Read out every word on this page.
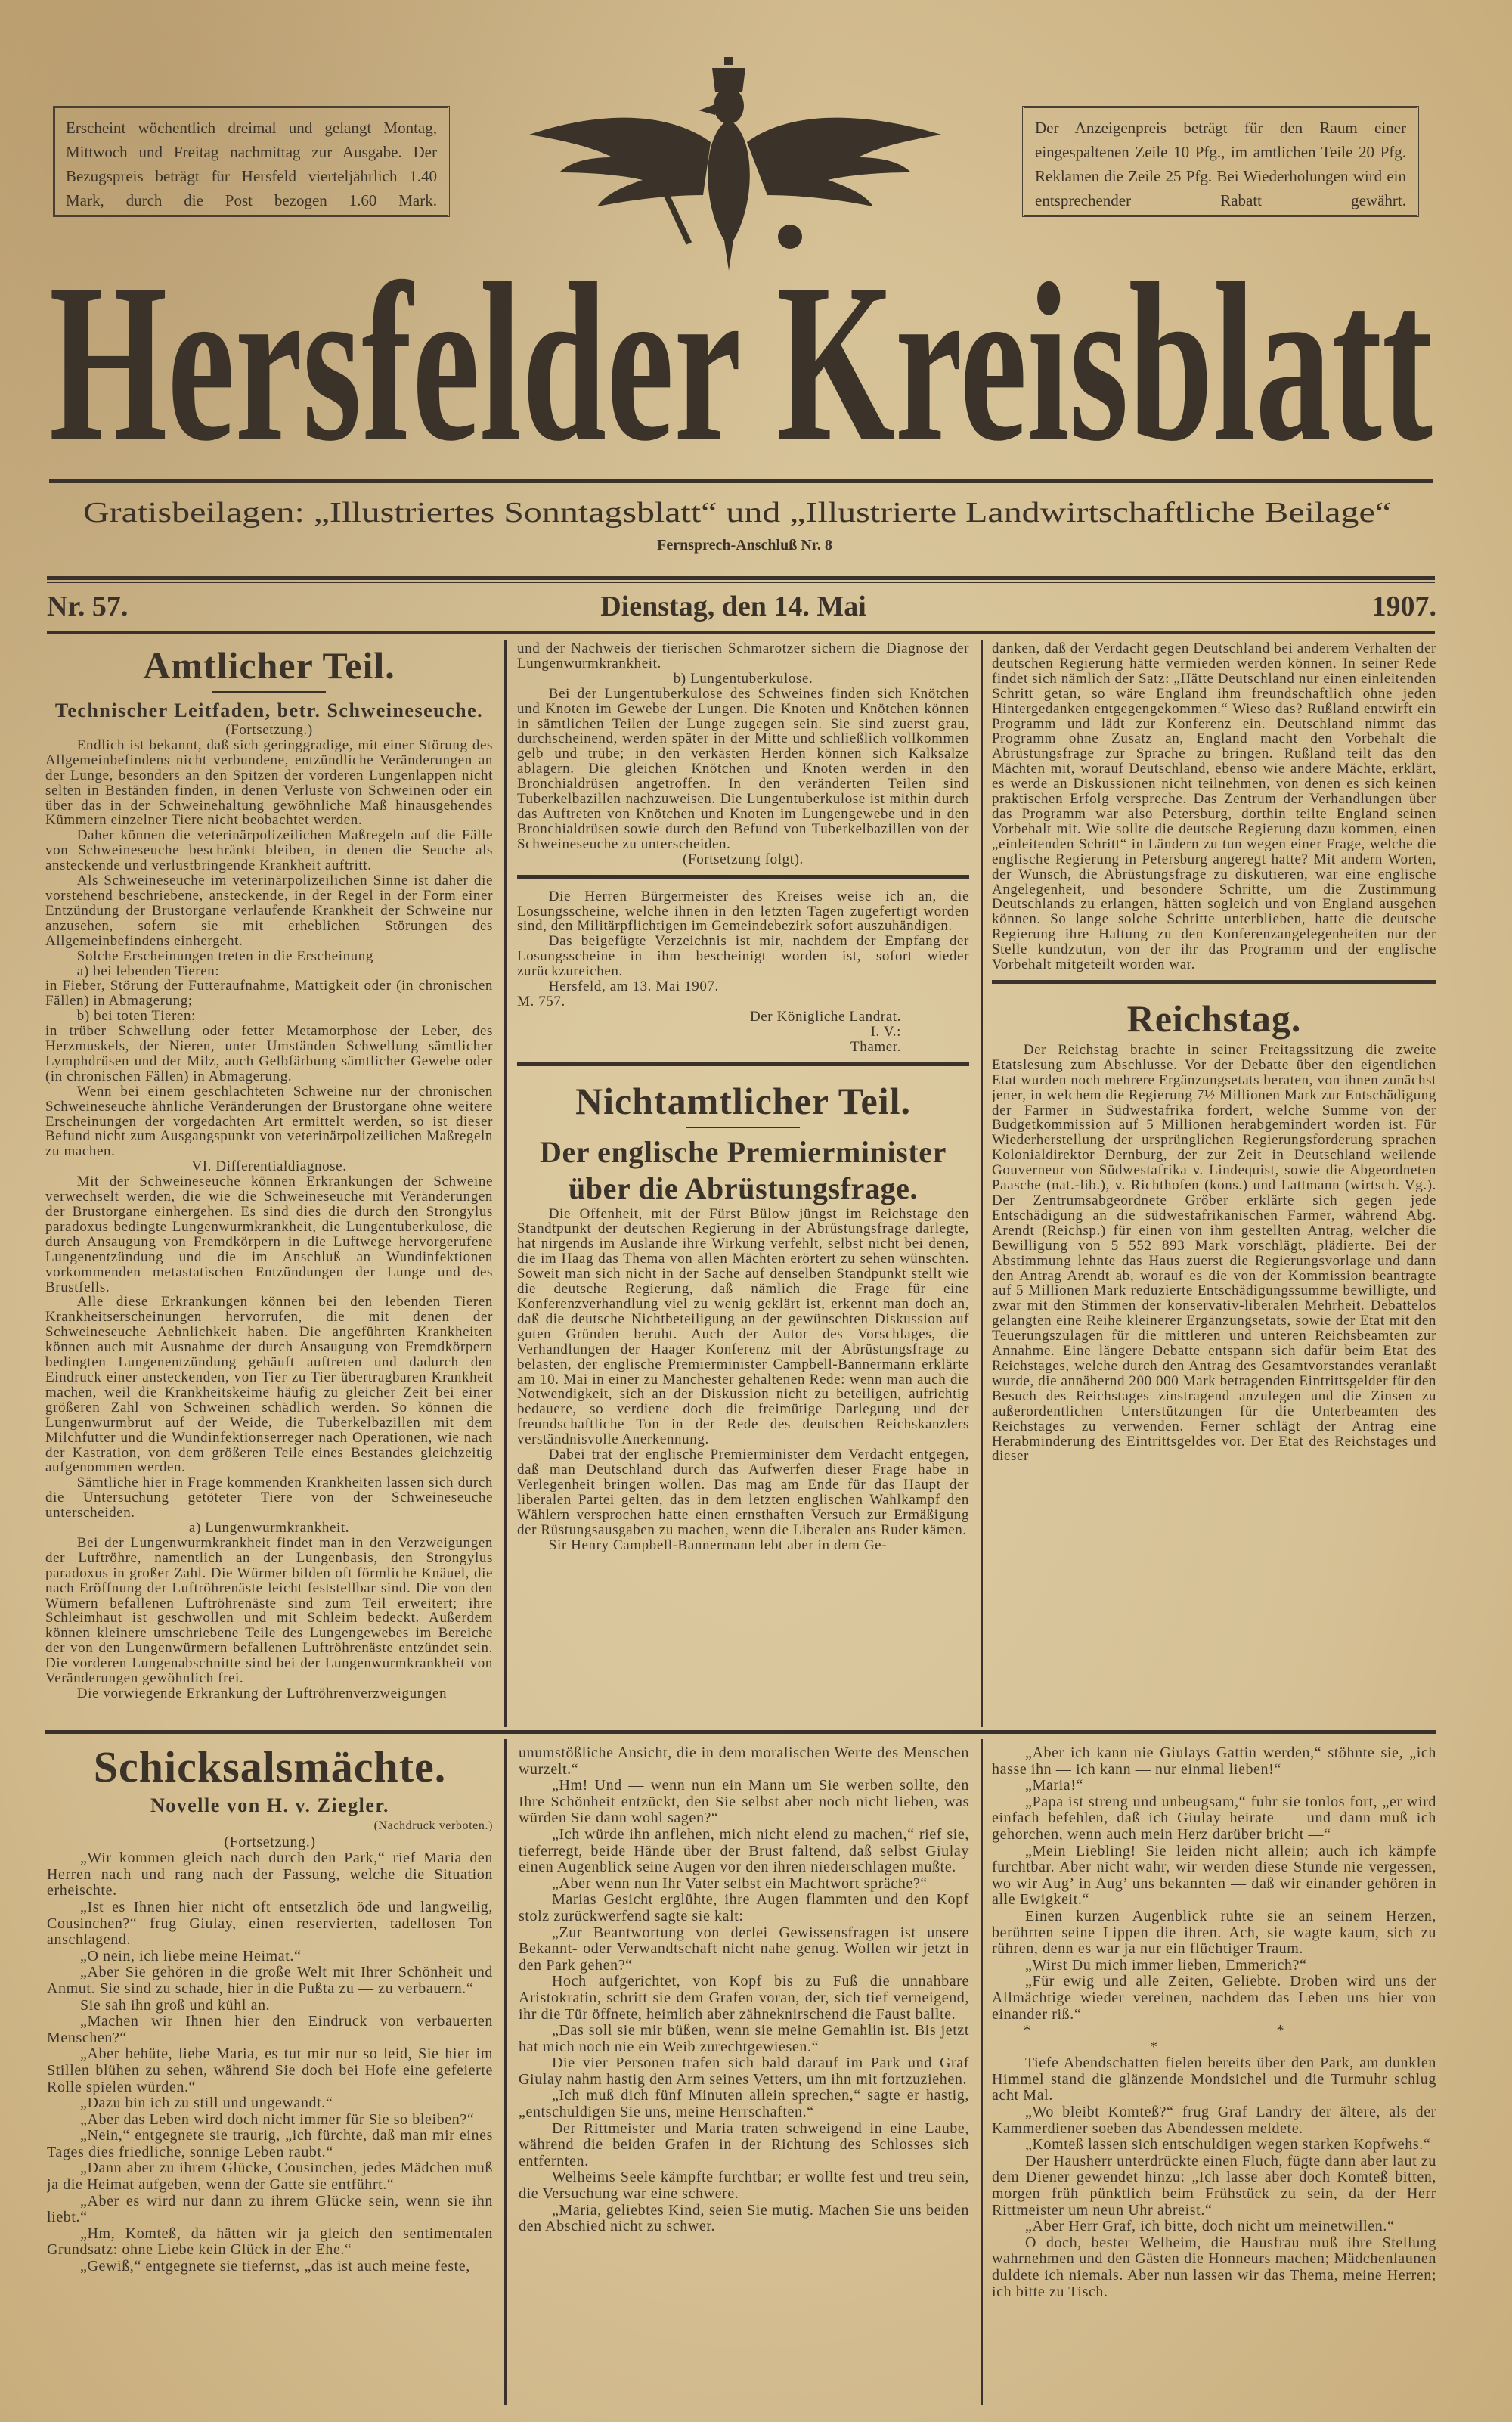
Erscheint wöchentlich dreimal und gelangt Montag, Mittwoch und Freitag nachmittag zur Ausgabe. Der Bezugspreis beträgt für Hersfeld vierteljährlich 1.40 Mark, durch die Post bezogen 1.60 Mark.
Der Anzeigenpreis beträgt für den Raum einer eingespaltenen Zeile 10 Pfg., im amtlichen Teile 20 Pfg. Reklamen die Zeile 25 Pfg. Bei Wiederholungen wird ein entsprechender Rabatt gewährt.
Hersfelder Kreisblatt
Gratisbeilagen: „Illustriertes Sonntagsblatt“ und „Illustrierte Landwirtschaftliche Beilage“
Fernsprech-Anschluß Nr. 8
Nr. 57.	Dienstag, den 14. Mai	1907.

Amtlicher Teil.

Technischer Leitfaden, betr. Schweineseuche.

(Fortsetzung.)

Endlich ist bekannt, daß sich geringgradige, mit einer Störung des Allgemeinbefindens nicht verbundene, entzündliche Veränderungen an der Lunge, besonders an den Spitzen der vorderen Lungenlappen nicht selten in Beständen finden, in denen Verluste von Schweinen oder ein über das in der Schweinehaltung gewöhnliche Maß hinausgehendes Kümmern einzelner Tiere nicht beobachtet werden.

Daher können die veterinärpolizeilichen Maßregeln auf die Fälle von Schweineseuche beschränkt bleiben, in denen die Seuche als ansteckende und verlustbringende Krankheit auftritt.

Als Schweineseuche im veterinärpolizeilichen Sinne ist daher die vorstehend beschriebene, ansteckende, in der Regel in der Form einer Entzündung der Brustorgane verlaufende Krankheit der Schweine nur anzusehen, sofern sie mit erheblichen Störungen des Allgemeinbefindens einhergeht.

Solche Erscheinungen treten in die Erscheinung

a) bei lebenden Tieren:

in Fieber, Störung der Futteraufnahme, Mattigkeit oder (in chronischen Fällen) in Abmagerung;

b) bei toten Tieren:

in trüber Schwellung oder fetter Metamorphose der Leber, des Herzmuskels, der Nieren, unter Umständen Schwellung sämtlicher Lymphdrüsen und der Milz, auch Gelbfärbung sämtlicher Gewebe oder (in chronischen Fällen) in Abmagerung.

Wenn bei einem geschlachteten Schweine nur der chronischen Schweineseuche ähnliche Veränderungen der Brustorgane ohne weitere Erscheinungen der vorgedachten Art ermittelt werden, so ist dieser Befund nicht zum Ausgangspunkt von veterinärpolizeilichen Maßregeln zu machen.

VI. Differentialdiagnose.

Mit der Schweineseuche können Erkrankungen der Schweine verwechselt werden, die wie die Schweineseuche mit Veränderungen der Brustorgane einhergehen. Es sind dies die durch den Strongylus paradoxus bedingte Lungenwurmkrankheit, die Lungentuberkulose, die durch Ansaugung von Fremdkörpern in die Luftwege hervorgerufene Lungenentzündung und die im Anschluß an Wundinfektionen vorkommenden metastatischen Entzündungen der Lunge und des Brustfells.

Alle diese Erkrankungen können bei den lebenden Tieren Krankheitserscheinungen hervorrufen, die mit denen der Schweineseuche Aehnlichkeit haben. Die angeführten Krankheiten können auch mit Ausnahme der durch Ansaugung von Fremdkörpern bedingten Lungenentzündung gehäuft auftreten und dadurch den Eindruck einer ansteckenden, von Tier zu Tier übertragbaren Krankheit machen, weil die Krankheitskeime häufig zu gleicher Zeit bei einer größeren Zahl von Schweinen schädlich werden. So können die Lungenwurmbrut auf der Weide, die Tuberkelbazillen mit dem Milchfutter und die Wundinfektionserreger nach Operationen, wie nach der Kastration, von dem größeren Teile eines Bestandes gleichzeitig aufgenommen werden.

Sämtliche hier in Frage kommenden Krankheiten lassen sich durch die Untersuchung getöteter Tiere von der Schweineseuche unterscheiden.

a) Lungenwurmkrankheit.

Bei der Lungenwurmkrankheit findet man in den Verzweigungen der Luftröhre, namentlich an der Lungenbasis, den Strongylus paradoxus in großer Zahl. Die Würmer bilden oft förmliche Knäuel, die nach Eröffnung der Luftröhrenäste leicht feststellbar sind. Die von den Wümern befallenen Luftröhrenäste sind zum Teil erweitert; ihre Schleimhaut ist geschwollen und mit Schleim bedeckt. Außerdem können kleinere umschriebene Teile des Lungengewebes im Bereiche der von den Lungenwürmern befallenen Luftröhrenäste entzündet sein. Die vorderen Lungenabschnitte sind bei der Lungenwurmkrankheit von Veränderungen gewöhnlich frei.

Die vorwiegende Erkrankung der Luftröhrenverzweigungen

und der Nachweis der tierischen Schmarotzer sichern die Diagnose der Lungenwurmkrankheit.

b) Lungentuberkulose.

Bei der Lungentuberkulose des Schweines finden sich Knötchen und Knoten im Gewebe der Lungen. Die Knoten und Knötchen können in sämtlichen Teilen der Lunge zugegen sein. Sie sind zuerst grau, durchscheinend, werden später in der Mitte und schließlich vollkommen gelb und trübe; in den verkästen Herden können sich Kalksalze ablagern. Die gleichen Knötchen und Knoten werden in den Bronchialdrüsen angetroffen. In den veränderten Teilen sind Tuberkelbazillen nachzuweisen. Die Lungentuberkulose ist mithin durch das Auftreten von Knötchen und Knoten im Lungengewebe und in den Bronchialdrüsen sowie durch den Befund von Tuberkelbazillen von der Schweineseuche zu unterscheiden.

(Fortsetzung folgt).

Die Herren Bürgermeister des Kreises weise ich an, die Losungsscheine, welche ihnen in den letzten Tagen zugefertigt worden sind, den Militärpflichtigen im Gemeindebezirk sofort auszuhändigen.

Das beigefügte Verzeichnis ist mir, nachdem der Empfang der Losungsscheine in ihm bescheinigt worden ist, sofort wieder zurückzureichen.

Hersfeld, am 13. Mai 1907.

M. 757.

Der Königliche Landrat.

I. V.:

Thamer.

Nichtamtlicher Teil.

Der englische Premierminister über die Abrüstungsfrage.

Die Offenheit, mit der Fürst Bülow jüngst im Reichstage den Standtpunkt der deutschen Regierung in der Abrüstungsfrage darlegte, hat nirgends im Auslande ihre Wirkung verfehlt, selbst nicht bei denen, die im Haag das Thema von allen Mächten erörtert zu sehen wünschten. Soweit man sich nicht in der Sache auf denselben Standpunkt stellt wie die deutsche Regierung, daß nämlich die Frage für eine Konferenzverhandlung viel zu wenig geklärt ist, erkennt man doch an, daß die deutsche Nichtbeteiligung an der gewünschten Diskussion auf guten Gründen beruht. Auch der Autor des Vorschlages, die Verhandlungen der Haager Konferenz mit der Abrüstungsfrage zu belasten, der englische Premierminister Campbell-Bannermann erklärte am 10. Mai in einer zu Manchester gehaltenen Rede: wenn man auch die Notwendigkeit, sich an der Diskussion nicht zu beteiligen, aufrichtig bedauere, so verdiene doch die freimütige Darlegung und der freundschaftliche Ton in der Rede des deutschen Reichskanzlers verständnisvolle Anerkennung.

Dabei trat der englische Premierminister dem Verdacht entgegen, daß man Deutschland durch das Aufwerfen dieser Frage habe in Verlegenheit bringen wollen. Das mag am Ende für das Haupt der liberalen Partei gelten, das in dem letzten englischen Wahlkampf den Wählern versprochen hatte einen ernsthaften Versuch zur Ermäßigung der Rüstungsausgaben zu machen, wenn die Liberalen ans Ruder kämen.

Sir Henry Campbell-Bannermann lebt aber in dem Ge-

danken, daß der Verdacht gegen Deutschland bei anderem Verhalten der deutschen Regierung hätte vermieden werden können. In seiner Rede findet sich nämlich der Satz: „Hätte Deutschland nur einen einleitenden Schritt getan, so wäre England ihm freundschaftlich ohne jeden Hintergedanken entgegengekommen.“ Wieso das? Rußland entwirft ein Programm und lädt zur Konferenz ein. Deutschland nimmt das Programm ohne Zusatz an, England macht den Vorbehalt die Abrüstungsfrage zur Sprache zu bringen. Rußland teilt das den Mächten mit, worauf Deutschland, ebenso wie andere Mächte, erklärt, es werde an Diskussionen nicht teilnehmen, von denen es sich keinen praktischen Erfolg verspreche. Das Zentrum der Verhandlungen über das Programm war also Petersburg, dorthin teilte England seinen Vorbehalt mit. Wie sollte die deutsche Regierung dazu kommen, einen „einleitenden Schritt“ in Ländern zu tun wegen einer Frage, welche die englische Regierung in Petersburg angeregt hatte? Mit andern Worten, der Wunsch, die Abrüstungsfrage zu diskutieren, war eine englische Angelegenheit, und besondere Schritte, um die Zustimmung Deutschlands zu erlangen, hätten sogleich und von England ausgehen können. So lange solche Schritte unterblieben, hatte die deutsche Regierung ihre Haltung zu den Konferenzangelegenheiten nur der Stelle kundzutun, von der ihr das Programm und der englische Vorbehalt mitgeteilt worden war.

Reichstag.

Der Reichstag brachte in seiner Freitagssitzung die zweite Etatslesung zum Abschlusse. Vor der Debatte über den eigentlichen Etat wurden noch mehrere Ergänzungsetats beraten, von ihnen zunächst jener, in welchem die Regierung 7½ Millionen Mark zur Entschädigung der Farmer in Südwestafrika fordert, welche Summe von der Budgetkommission auf 5 Millionen herabgemindert worden ist. Für Wiederherstellung der ursprünglichen Regierungsforderung sprachen Kolonialdirektor Dernburg, der zur Zeit in Deutschland weilende Gouverneur von Südwestafrika v. Lindequist, sowie die Abgeordneten Paasche (nat.-lib.), v. Richthofen (kons.) und Lattmann (wirtsch. Vg.). Der Zentrumsabgeordnete Gröber erklärte sich gegen jede Entschädigung an die südwestafrikanischen Farmer, während Abg. Arendt (Reichsp.) für einen von ihm gestellten Antrag, welcher die Bewilligung von 5 552 893 Mark vorschlägt, plädierte. Bei der Abstimmung lehnte das Haus zuerst die Regierungsvorlage und dann den Antrag Arendt ab, worauf es die von der Kommission beantragte auf 5 Millionen Mark reduzierte Entschädigungssumme bewilligte, und zwar mit den Stimmen der konservativ-liberalen Mehrheit. Debattelos gelangten eine Reihe kleinerer Ergänzungsetats, sowie der Etat mit den Teuerungszulagen für die mittleren und unteren Reichsbeamten zur Annahme. Eine längere Debatte entspann sich dafür beim Etat des Reichstages, welche durch den Antrag des Gesamtvorstandes veranlaßt wurde, die annähernd 200 000 Mark betragenden Eintrittsgelder für den Besuch des Reichstages zinstragend anzulegen und die Zinsen zu außerordentlichen Unterstützungen für die Unterbeamten des Reichstages zu verwenden. Ferner schlägt der Antrag eine Herabminderung des Eintrittsgeldes vor. Der Etat des Reichstages und dieser

Schicksalsmächte.

Novelle von H. v. Ziegler.

(Nachdruck verboten.)

(Fortsetzung.)

„Wir kommen gleich nach durch den Park,“ rief Maria den Herren nach und rang nach der Fassung, welche die Situation erheischte.

„Ist es Ihnen hier nicht oft entsetzlich öde und langweilig, Cousinchen?“ frug Giulay, einen reservierten, tadellosen Ton anschlagend.

„O nein, ich liebe meine Heimat.“

„Aber Sie gehören in die große Welt mit Ihrer Schönheit und Anmut. Sie sind zu schade, hier in die Pußta zu — zu verbauern.“

Sie sah ihn groß und kühl an.

„Machen wir Ihnen hier den Eindruck von verbauerten Menschen?“

„Aber behüte, liebe Maria, es tut mir nur so leid, Sie hier im Stillen blühen zu sehen, während Sie doch bei Hofe eine gefeierte Rolle spielen würden.“

„Dazu bin ich zu still und ungewandt.“

„Aber das Leben wird doch nicht immer für Sie so bleiben?“

„Nein,“ entgegnete sie traurig, „ich fürchte, daß man mir eines Tages dies friedliche, sonnige Leben raubt.“

„Dann aber zu ihrem Glücke, Cousinchen, jedes Mädchen muß ja die Heimat aufgeben, wenn der Gatte sie entführt.“

„Aber es wird nur dann zu ihrem Glücke sein, wenn sie ihn liebt.“

„Hm, Komteß, da hätten wir ja gleich den sentimentalen Grundsatz: ohne Liebe kein Glück in der Ehe.“

„Gewiß,“ entgegnete sie tiefernst, „das ist auch meine feste,

unumstößliche Ansicht, die in dem moralischen Werte des Menschen wurzelt.“

„Hm! Und — wenn nun ein Mann um Sie werben sollte, den Ihre Schönheit entzückt, den Sie selbst aber noch nicht lieben, was würden Sie dann wohl sagen?“

„Ich würde ihn anflehen, mich nicht elend zu machen,“ rief sie, tieferregt, beide Hände über der Brust faltend, daß selbst Giulay einen Augenblick seine Augen vor den ihren niederschlagen mußte.

„Aber wenn nun Ihr Vater selbst ein Machtwort spräche?“

Marias Gesicht erglühte, ihre Augen flammten und den Kopf stolz zurückwerfend sagte sie kalt:

„Zur Beantwortung von derlei Gewissensfragen ist unsere Bekannt- oder Verwandtschaft nicht nahe genug. Wollen wir jetzt in den Park gehen?“

Hoch aufgerichtet, von Kopf bis zu Fuß die unnahbare Aristokratin, schritt sie dem Grafen voran, der, sich tief verneigend, ihr die Tür öffnete, heimlich aber zähneknirschend die Faust ballte.

„Das soll sie mir büßen, wenn sie meine Gemahlin ist. Bis jetzt hat mich noch nie ein Weib zurechtgewiesen.“

Die vier Personen trafen sich bald darauf im Park und Graf Giulay nahm hastig den Arm seines Vetters, um ihn mit fortzuziehen.

„Ich muß dich fünf Minuten allein sprechen,“ sagte er hastig, „entschuldigen Sie uns, meine Herrschaften.“

Der Rittmeister und Maria traten schweigend in eine Laube, während die beiden Grafen in der Richtung des Schlosses sich entfernten.

Welheims Seele kämpfte furchtbar; er wollte fest und treu sein, die Versuchung war eine schwere.

„Maria, geliebtes Kind, seien Sie mutig. Machen Sie uns beiden den Abschied nicht zu schwer.

„Aber ich kann nie Giulays Gattin werden,“ stöhnte sie, „ich hasse ihn — ich kann — nur einmal lieben!“

„Maria!“

„Papa ist streng und unbeugsam,“ fuhr sie tonlos fort, „er wird einfach befehlen, daß ich Giulay heirate — und dann muß ich gehorchen, wenn auch mein Herz darüber bricht —“

„Mein Liebling! Sie leiden nicht allein; auch ich kämpfe furchtbar. Aber nicht wahr, wir werden diese Stunde nie vergessen, wo wir Aug’ in Aug’ uns bekannten — daß wir einander gehören in alle Ewigkeit.“

Einen kurzen Augenblick ruhte sie an seinem Herzen, berührten seine Lippen die ihren. Ach, sie wagte kaum, sich zu rühren, denn es war ja nur ein flüchtiger Traum.

„Wirst Du mich immer lieben, Emmerich?“

„Für ewig und alle Zeiten, Geliebte. Droben wird uns der Allmächtige wieder vereinen, nachdem das Leben uns hier von einander riß.“

* * *

Tiefe Abendschatten fielen bereits über den Park, am dunklen Himmel stand die glänzende Mondsichel und die Turmuhr schlug acht Mal.

„Wo bleibt Komteß?“ frug Graf Landry der ältere, als der Kammerdiener soeben das Abendessen meldete.

„Komteß lassen sich entschuldigen wegen starken Kopfwehs.“

Der Hausherr unterdrückte einen Fluch, fügte dann aber laut zu dem Diener gewendet hinzu: „Ich lasse aber doch Komteß bitten, morgen früh pünktlich beim Frühstück zu sein, da der Herr Rittmeister um neun Uhr abreist.“

„Aber Herr Graf, ich bitte, doch nicht um meinetwillen.“

O doch, bester Welheim, die Hausfrau muß ihre Stellung wahrnehmen und den Gästen die Honneurs machen; Mädchenlaunen duldete ich niemals. Aber nun lassen wir das Thema, meine Herren; ich bitte zu Tisch.
